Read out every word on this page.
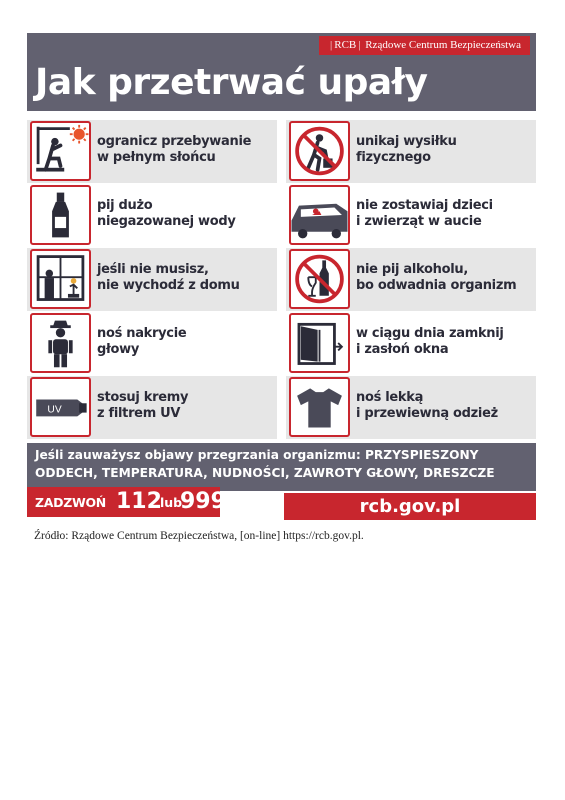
| RCB | Rządowe Centrum Bezpieczeństwa
Jak przetrwać upały
ogranicz przebywanie
w pełnym słońcu
unikaj wysiłku
fizycznego
pij dużo
niegazowanej wody
nie zostawiaj dzieci
i zwierząt w aucie
jeśli nie musisz,
nie wychodź z domu
nie pij alkoholu,
bo odwadnia organizm
noś nakrycie
głowy
w ciągu dnia zamknij
i zasłoń okna
UV
stosuj kremy
z filtrem UV
noś lekką
i przewiewną odzież
Jeśli zauważysz objawy przegrzania organizmu: PRZYSPIESZONY
ODDECH, TEMPERATURA, NUDNOŚCI, ZAWROTY GŁOWY, DRESZCZE
ZADZWOŃ 112
lub
999	rcb.gov.pl
Źródło: Rządowe Centrum Bezpieczeństwa, [on-line] https://rcb.gov.pl.
